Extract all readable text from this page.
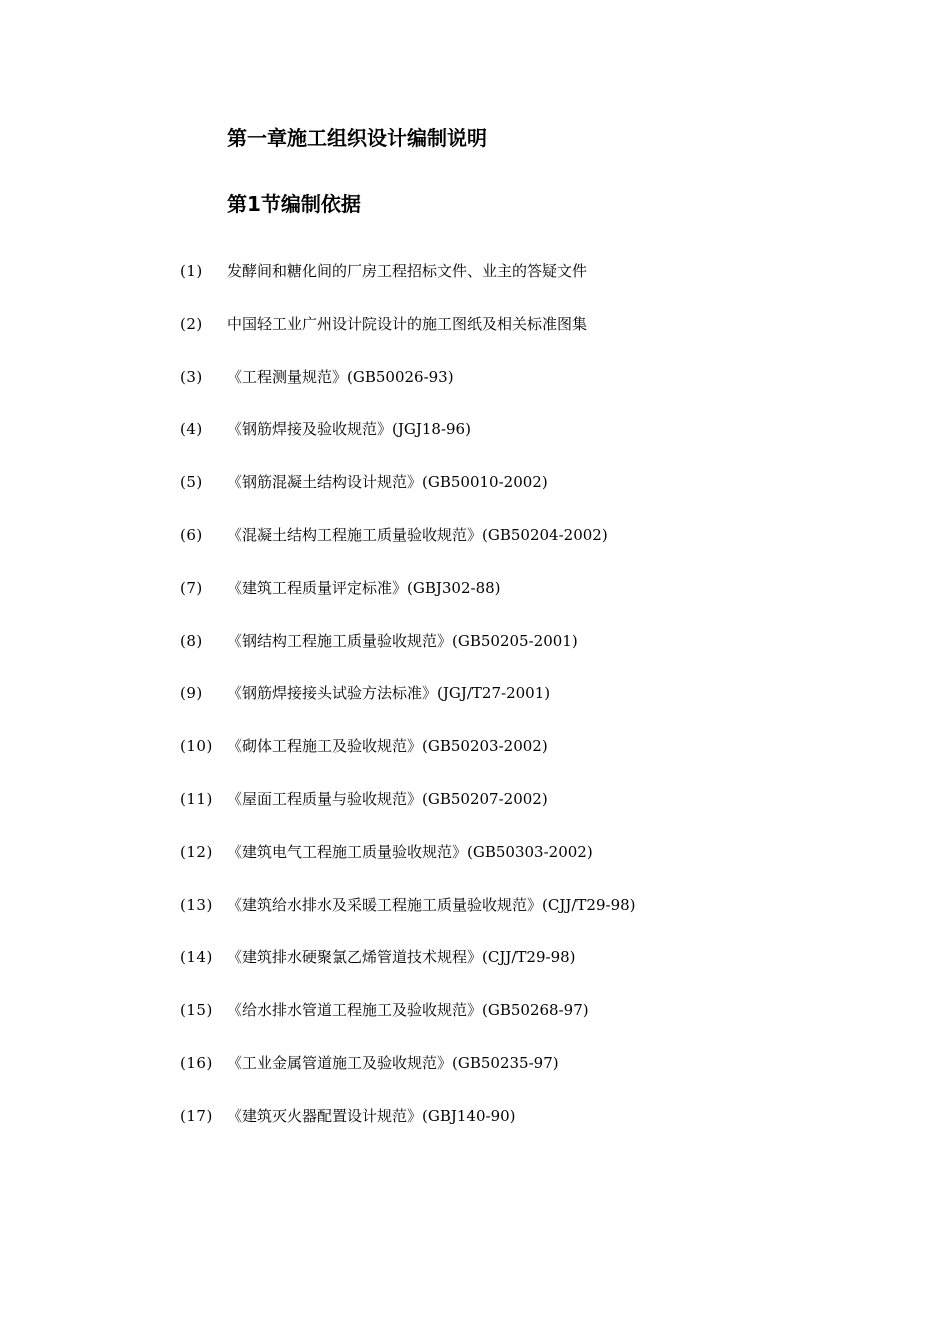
第一章施工组织设计编制说明
第1节编制依据
(1)	发酵间和糖化间的厂房工程招标文件、业主的答疑文件
(2)	中国轻工业广州设计院设计的施工图纸及相关标准图集
(3)	《工程测量规范》(GB50026-93)
(4)	《钢筋焊接及验收规范》(JGJ18-96)
(5)	《钢筋混凝土结构设计规范》(GB50010-2002)
(6)	《混凝土结构工程施工质量验收规范》(GB50204-2002)
(7)	《建筑工程质量评定标准》(GBJ302-88)
(8)	《钢结构工程施工质量验收规范》(GB50205-2001)
(9)	《钢筋焊接接头试验方法标准》(JGJ/T27-2001)
(10) 《砌体工程施工及验收规范》(GB50203-2002)
(11) 《屋面工程质量与验收规范》(GB50207-2002)
(12) 《建筑电气工程施工质量验收规范》(GB50303-2002)
(13) 《建筑给水排水及采暖工程施工质量验收规范》(CJJ/T29-98)
(14) 《建筑排水硬聚氯乙烯管道技术规程》(CJJ/T29-98)
(15) 《给水排水管道工程施工及验收规范》(GB50268-97)
(16) 《工业金属管道施工及验收规范》(GB50235-97)
(17) 《建筑灭火器配置设计规范》(GBJ140-90)
